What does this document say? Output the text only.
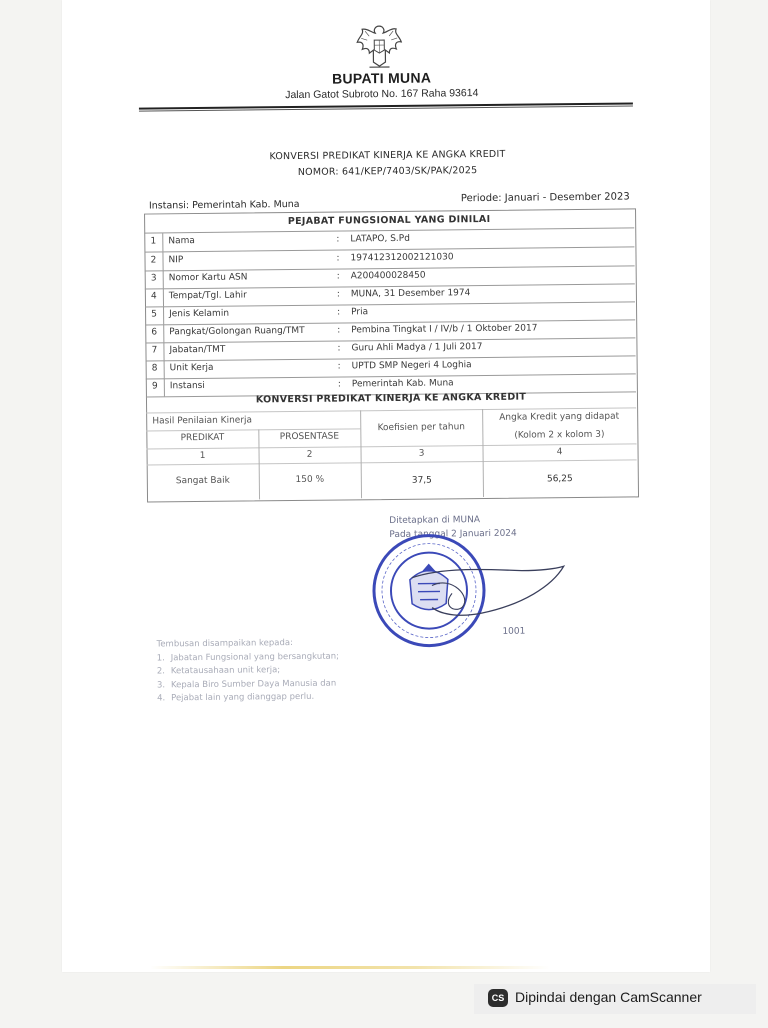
BUPATI MUNA
Jalan Gatot Subroto No. 167 Raha 93614
KONVERSI PREDIKAT KINERJA KE ANGKA KREDIT
NOMOR: 641/KEP/7403/SK/PAK/2025
Instansi: Pemerintah Kab. Muna
Periode: Januari - Desember 2023
PEJABAT FUNGSIONAL YANG DINILAI
1	Nama	: LATAPO, S.Pd
2	NIP	: 197412312002121030
3	Nomor Kartu ASN	: A200400028450
4	Tempat/Tgl. Lahir	: MUNA, 31 Desember 1974
5	Jenis Kelamin	: Pria
6	Pangkat/Golongan Ruang/TMT	: Pembina Tingkat I / IV/b / 1 Oktober 2017
7	Jabatan/TMT	: Guru Ahli Madya / 1 Juli 2017
8	Unit Kerja	: UPTD SMP Negeri 4 Loghia
9	Instansi	: Pemerintah Kab. Muna
KONVERSI PREDIKAT KINERJA KE ANGKA KREDIT
Hasil Penilaian Kinerja
PREDIKAT	PROSENTASE
Koefisien per tahun
Angka Kredit yang didapat
(Kolom 2 x kolom 3)
1	2	3	4
Sangat Baik	150 %	37,5	56,25
Ditetapkan di MUNA
Pada tanggal 2 Januari 2024
1001
Tembusan disampaikan kepada:
1. Jabatan Fungsional yang bersangkutan;
2. Ketatausahaan unit kerja;
3. Kepala Biro Sumber Daya Manusia dan
4. Pejabat lain yang dianggap perlu.
CS Dipindai dengan CamScanner
